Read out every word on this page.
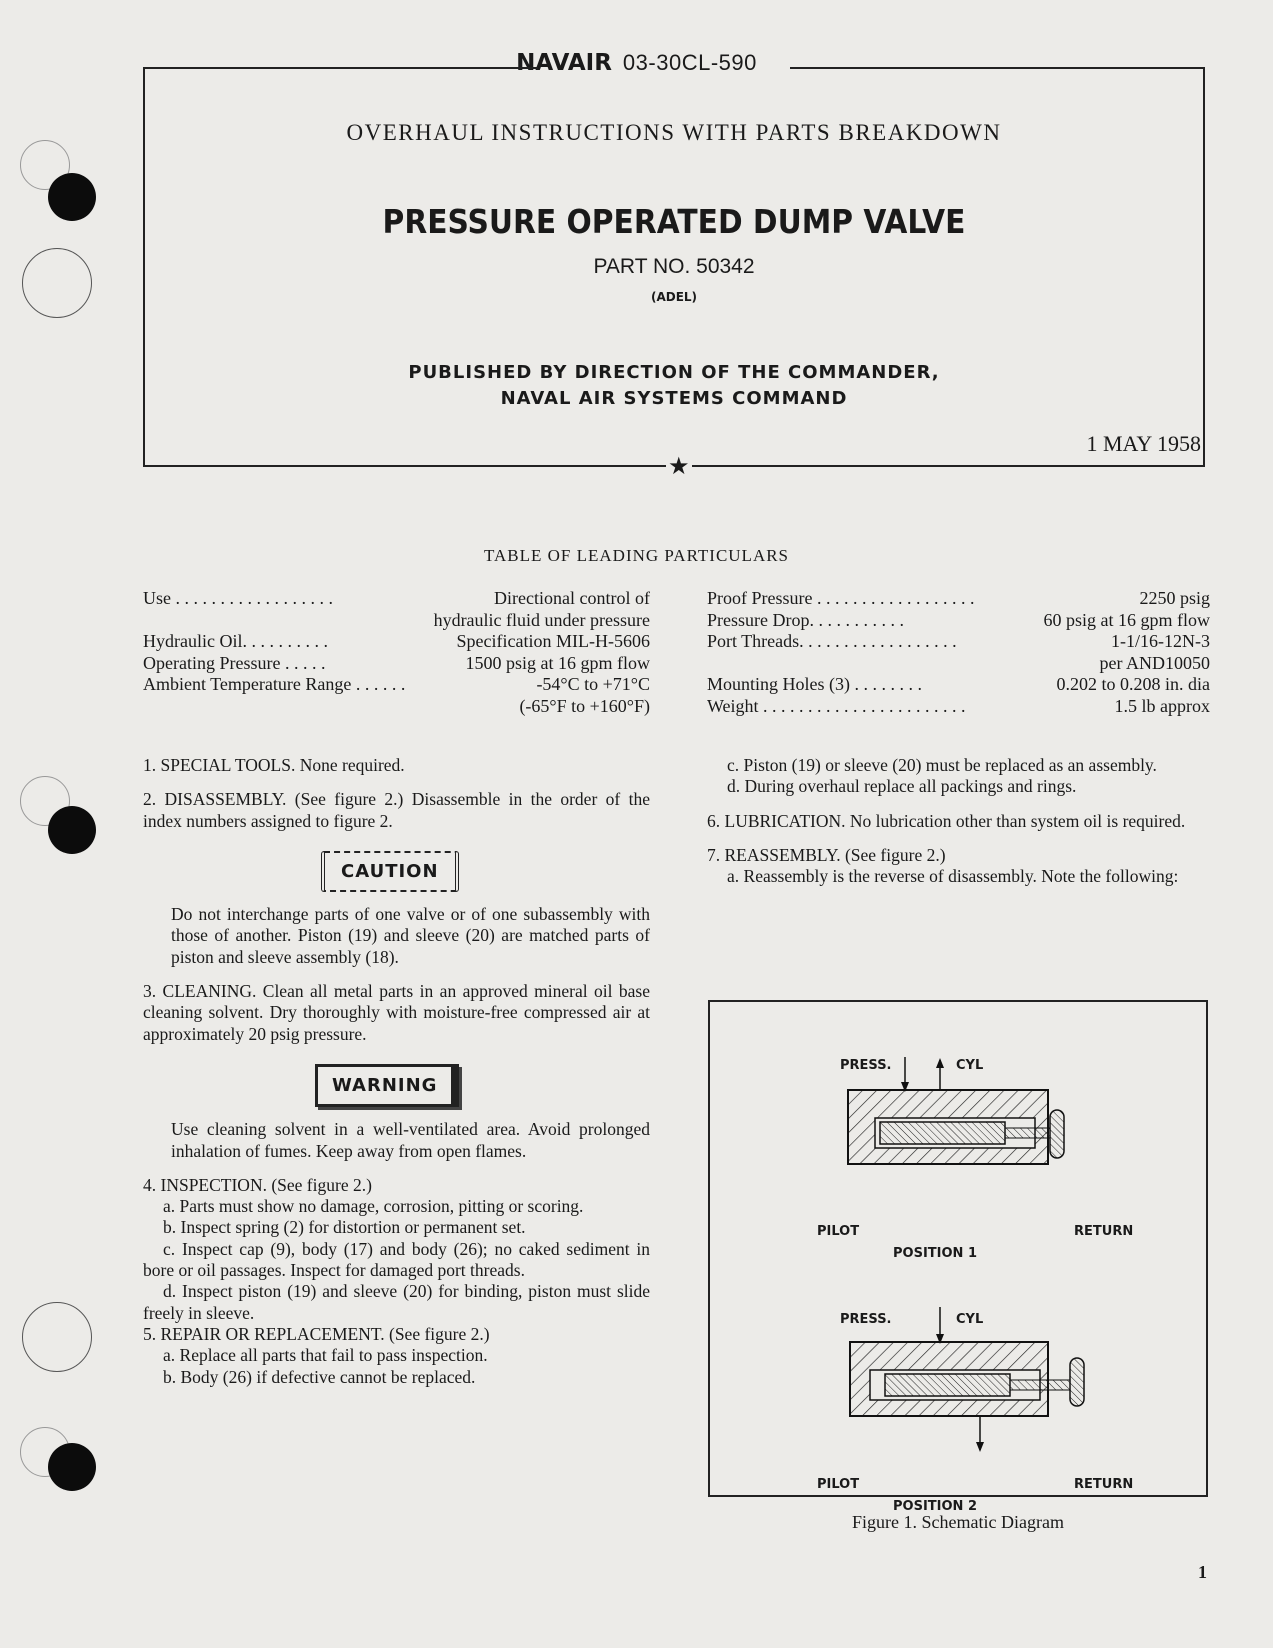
NAVAIR 03-30CL-590
★
OVERHAUL INSTRUCTIONS WITH PARTS BREAKDOWN
PRESSURE OPERATED DUMP VALVE
PART NO. 50342
(ADEL)
PUBLISHED BY DIRECTION OF THE COMMANDER,
NAVAL AIR SYSTEMS COMMAND
1 MAY 1958
TABLE OF LEADING PARTICULARS
Use . . . . . . . . . . . . . . . . . .	Directional control of
hydraulic fluid under pressure
Hydraulic Oil. . . . . . . . . .	Specification MIL-H-5606
Operating Pressure . . . . .	1500 psig at 16 gpm flow
Ambient Temperature Range . . . . . .	-54°C to +71°C
(-65°F to +160°F)
Proof Pressure . . . . . . . . . . . . . . . . . .	2250 psig
Pressure Drop. . . . . . . . . . .	60 psig at 16 gpm flow
Port Threads. . . . . . . . . . . . . . . . . .	1-1/16-12N-3
per AND10050
Mounting Holes (3) . . . . . . . .	0.202 to 0.208 in. dia
Weight . . . . . . . . . . . . . . . . . . . . . . .	1.5 lb approx

1. SPECIAL TOOLS. None required.

2. DISASSEMBLY. (See figure 2.) Disassemble in the order of the index numbers assigned to figure 2.

CAUTION

Do not interchange parts of one valve or of one subassembly with those of another. Piston (19) and sleeve (20) are matched parts of piston and sleeve assembly (18).

3. CLEANING. Clean all metal parts in an approved mineral oil base cleaning solvent. Dry thoroughly with moisture-free compressed air at approximately 20 psig pressure.

WARNING

Use cleaning solvent in a well-ventilated area. Avoid prolonged inhalation of fumes. Keep away from open flames.

4. INSPECTION. (See figure 2.)
a. Parts must show no damage, corrosion, pitting or scoring.
b. Inspect spring (2) for distortion or permanent set.
c. Inspect cap (9), body (17) and body (26); no caked sediment in bore or oil passages. Inspect for damaged port threads.
d. Inspect piston (19) and sleeve (20) for binding, piston must slide freely in sleeve.
5. REPAIR OR REPLACEMENT. (See figure 2.)
a. Replace all parts that fail to pass inspection.
b. Body (26) if defective cannot be replaced.
c. Piston (19) or sleeve (20) must be replaced as an assembly.

d. During overhaul replace all packings and rings.

6. LUBRICATION. No lubrication other than system oil is required.

7. REASSEMBLY. (See figure 2.)
a. Reassembly is the reverse of disassembly. Note the following:
PRESS.	CYL
PILOT	RETURN
POSITION 1
PRESS.	CYL
PILOT	RETURN
POSITION 2
Figure 1. Schematic Diagram
1
